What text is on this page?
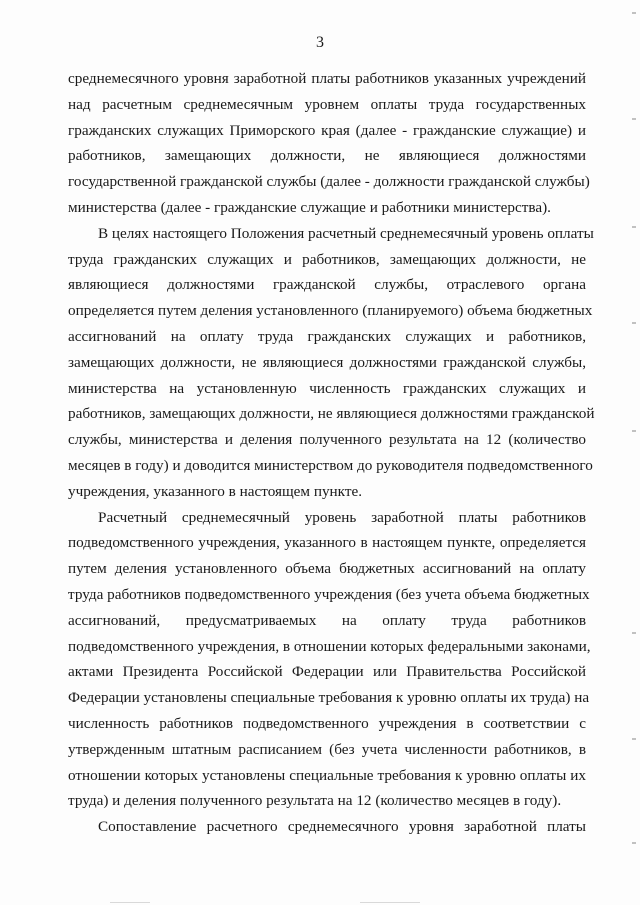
3
среднемесячного уровня заработной платы работников указанных учреждений
над расчетным среднемесячным уровнем оплаты труда государственных
гражданских служащих Приморского края (далее - гражданские служащие) и
работников, замещающих должности, не являющиеся должностями
государственной гражданской службы (далее - должности гражданской службы)
министерства (далее - гражданские служащие и работники министерства).
В целях настоящего Положения расчетный среднемесячный уровень оплаты
труда гражданских служащих и работников, замещающих должности, не
являющиеся должностями гражданской службы, отраслевого органа
определяется путем деления установленного (планируемого) объема бюджетных
ассигнований на оплату труда гражданских служащих и работников,
замещающих должности, не являющиеся должностями гражданской службы,
министерства на установленную численность гражданских служащих и
работников, замещающих должности, не являющиеся должностями гражданской
службы, министерства и деления полученного результата на 12 (количество
месяцев в году) и доводится министерством до руководителя подведомственного
учреждения, указанного в настоящем пункте.
Расчетный среднемесячный уровень заработной платы работников
подведомственного учреждения, указанного в настоящем пункте, определяется
путем деления установленного объема бюджетных ассигнований на оплату
труда работников подведомственного учреждения (без учета объема бюджетных
ассигнований, предусматриваемых на оплату труда работников
подведомственного учреждения, в отношении которых федеральными законами,
актами Президента Российской Федерации или Правительства Российской
Федерации установлены специальные требования к уровню оплаты их труда) на
численность работников подведомственного учреждения в соответствии с
утвержденным штатным расписанием (без учета численности работников, в
отношении которых установлены специальные требования к уровню оплаты их
труда) и деления полученного результата на 12 (количество месяцев в году).
Сопоставление расчетного среднемесячного уровня заработной платы
